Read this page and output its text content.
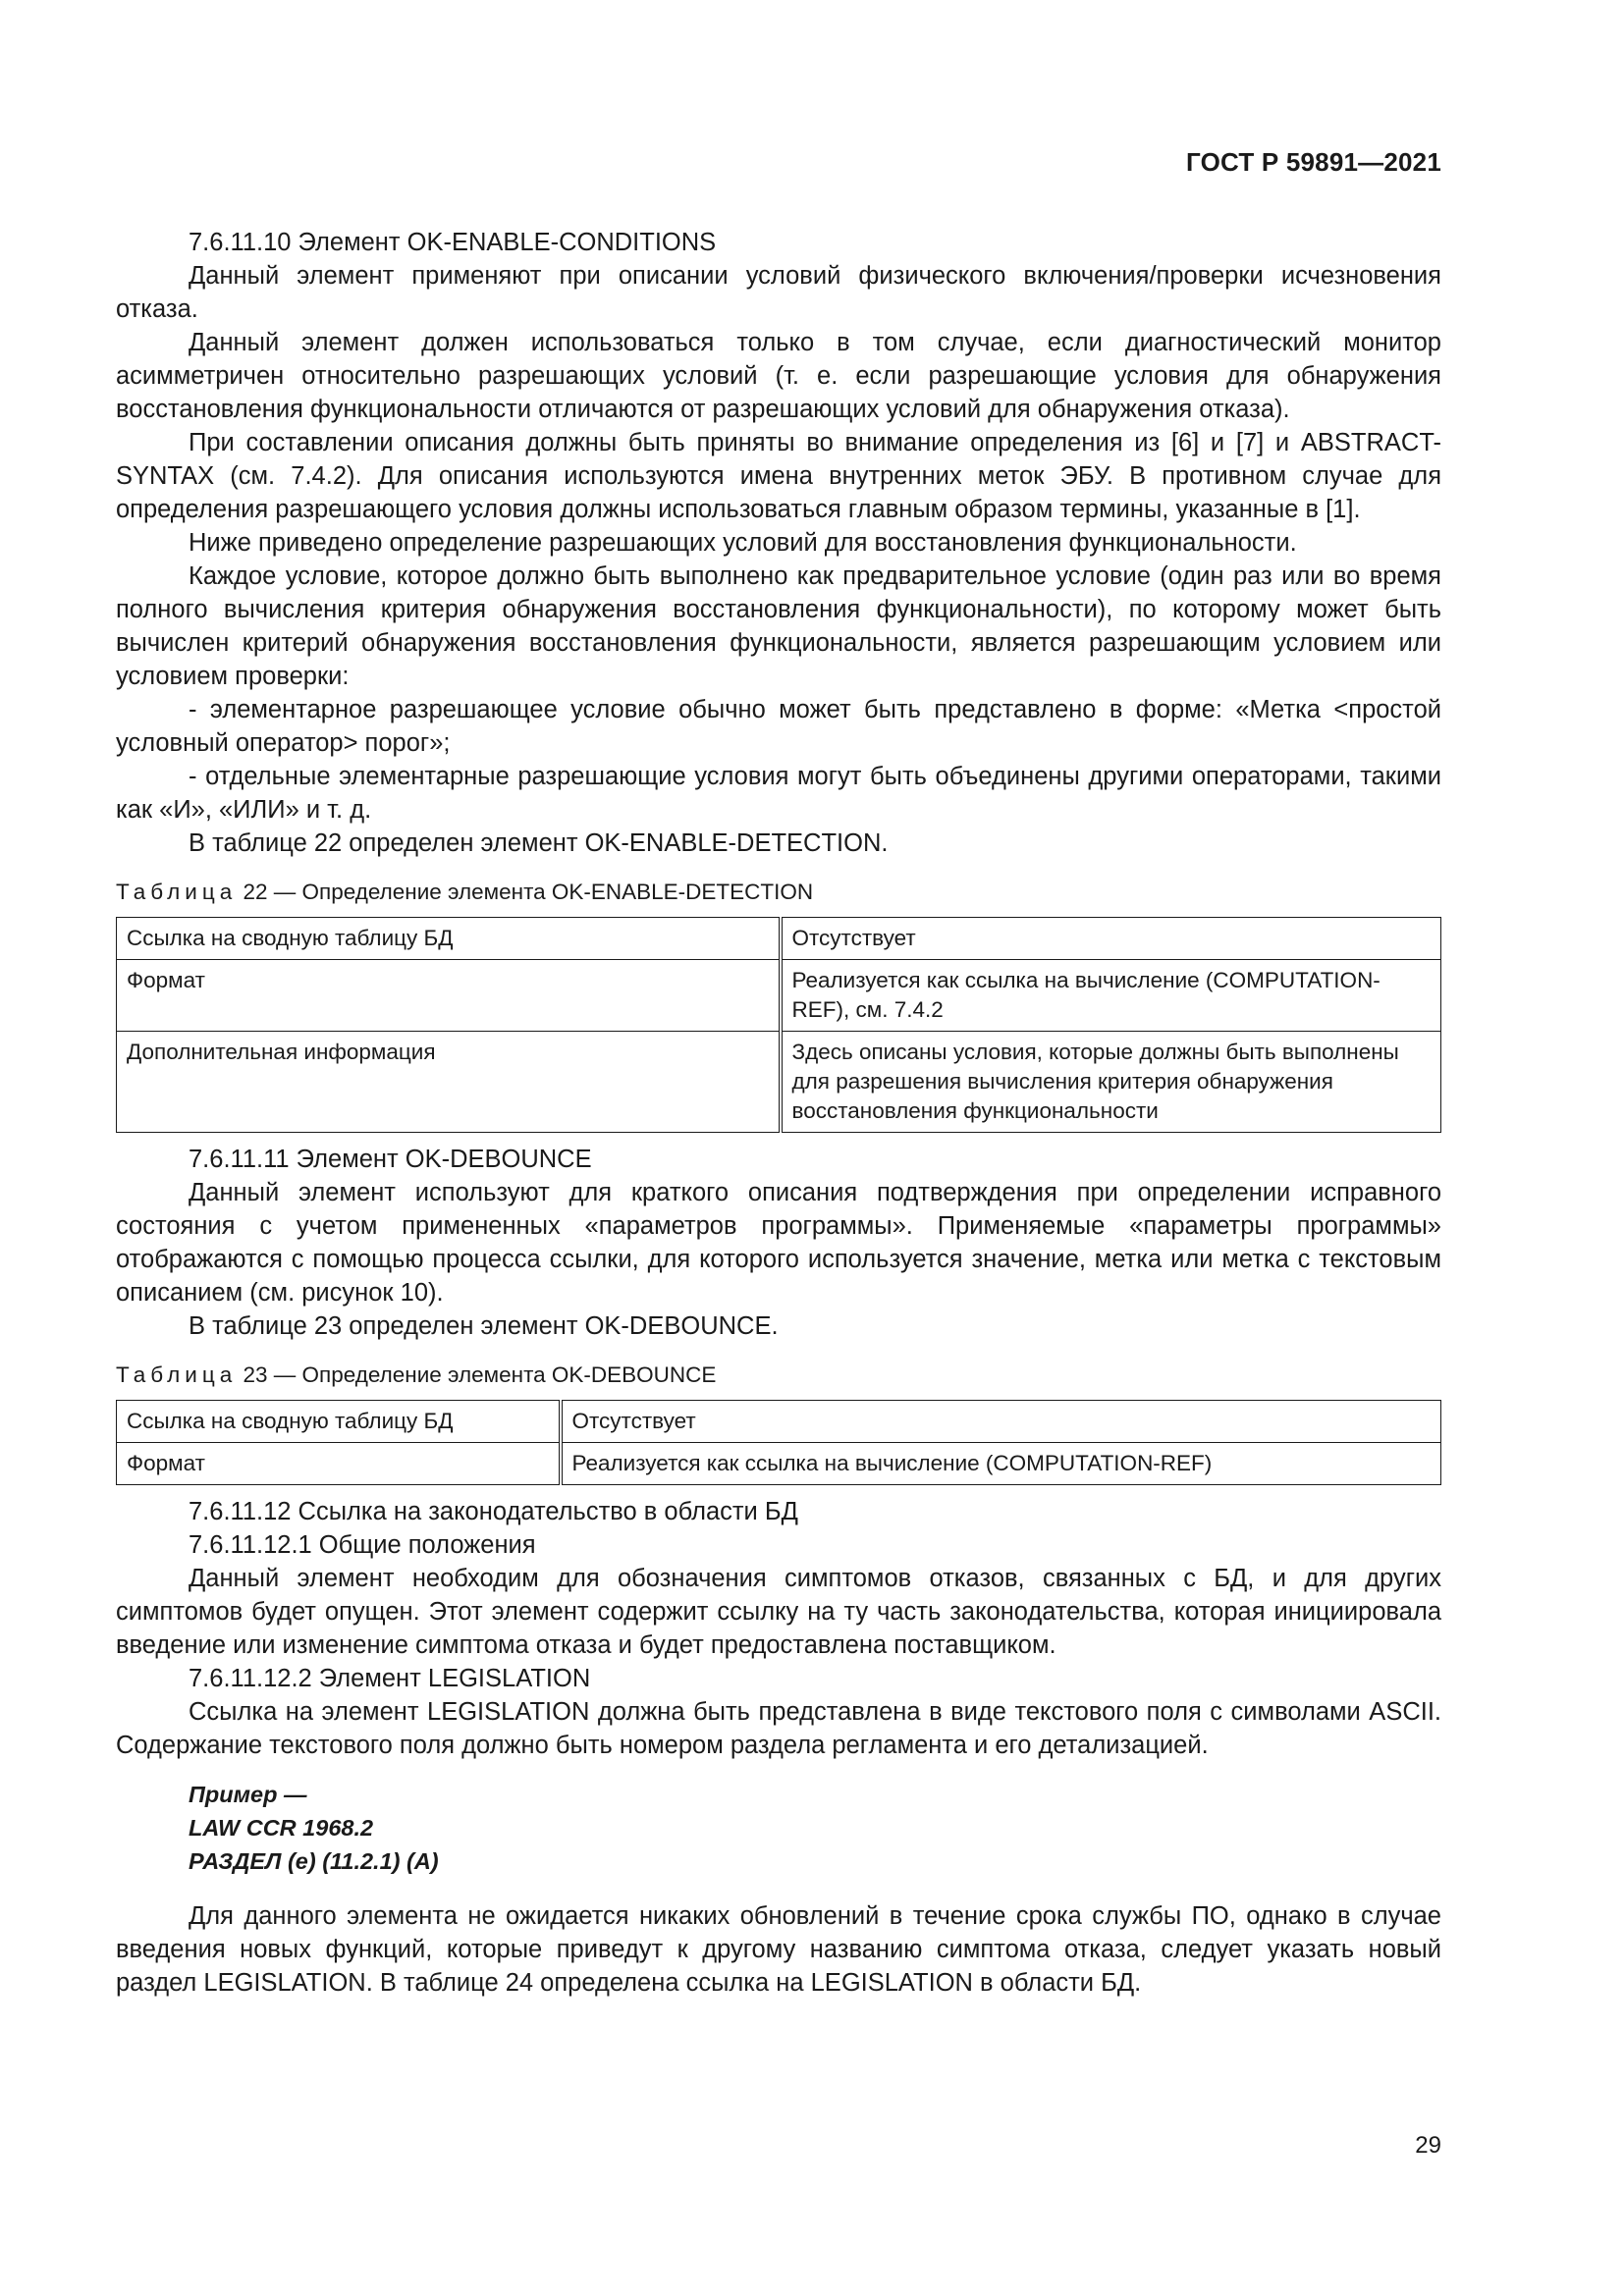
ГОСТ Р 59891—2021

7.6.11.10 Элемент OK-ENABLE-CONDITIONS

Данный элемент применяют при описании условий физического включения/проверки исчезновения отказа.

Данный элемент должен использоваться только в том случае, если диагностический монитор асимметричен относительно разрешающих условий (т. е. если разрешающие условия для обнаружения восстановления функциональности отличаются от разрешающих условий для обнаружения отказа).

При составлении описания должны быть приняты во внимание определения из [6] и [7] и ABSTRACT-SYNTAX (см. 7.4.2). Для описания используются имена внутренних меток ЭБУ. В противном случае для определения разрешающего условия должны использоваться главным образом термины, указанные в [1].

Ниже приведено определение разрешающих условий для восстановления функциональности.

Каждое условие, которое должно быть выполнено как предварительное условие (один раз или во время полного вычисления критерия обнаружения восстановления функциональности), по которому может быть вычислен критерий обнаружения восстановления функциональности, является разрешающим условием или условием проверки:

- элементарное разрешающее условие обычно может быть представлено в форме: «Метка <простой условный оператор> порог»;

- отдельные элементарные разрешающие условия могут быть объединены другими операторами, такими как «И», «ИЛИ» и т. д.

В таблице 22 определен элемент OK-ENABLE-DETECTION.

Таблица 22 — Определение элемента OK-ENABLE-DETECTION
Ссылка на сводную таблицу БД	Отсутствует
Формат	Реализуется как ссылка на вычисление (COMPUTATION-REF), см. 7.4.2
Дополнительная информация	Здесь описаны условия, которые должны быть выполнены для разрешения вычисления критерия обнаружения восстановления функциональности

7.6.11.11 Элемент OK-DEBOUNCE

Данный элемент используют для краткого описания подтверждения при определении исправного состояния с учетом примененных «параметров программы». Применяемые «параметры программы» отображаются с помощью процесса ссылки, для которого используется значение, метка или метка с текстовым описанием (см. рисунок 10).

В таблице 23 определен элемент OK-DEBOUNCE.

Таблица 23 — Определение элемента OK-DEBOUNCE
Ссылка на сводную таблицу БД	Отсутствует
Формат	Реализуется как ссылка на вычисление (COMPUTATION-REF)

7.6.11.12 Ссылка на законодательство в области БД

7.6.11.12.1 Общие положения

Данный элемент необходим для обозначения симптомов отказов, связанных с БД, и для других симптомов будет опущен. Этот элемент содержит ссылку на ту часть законодательства, которая инициировала введение или изменение симптома отказа и будет предоставлена поставщиком.

7.6.11.12.2 Элемент LEGISLATION

Ссылка на элемент LEGISLATION должна быть представлена в виде текстового поля с символами ASCII. Содержание текстового поля должно быть номером раздела регламента и его детализацией.

Пример —
LAW CCR 1968.2
РАЗДЕЛ (е) (11.2.1) (А)

Для данного элемента не ожидается никаких обновлений в течение срока службы ПО, однако в случае введения новых функций, которые приведут к другому названию симптома отказа, следует указать новый раздел LEGISLATION. В таблице 24 определена ссылка на LEGISLATION в области БД.

29
